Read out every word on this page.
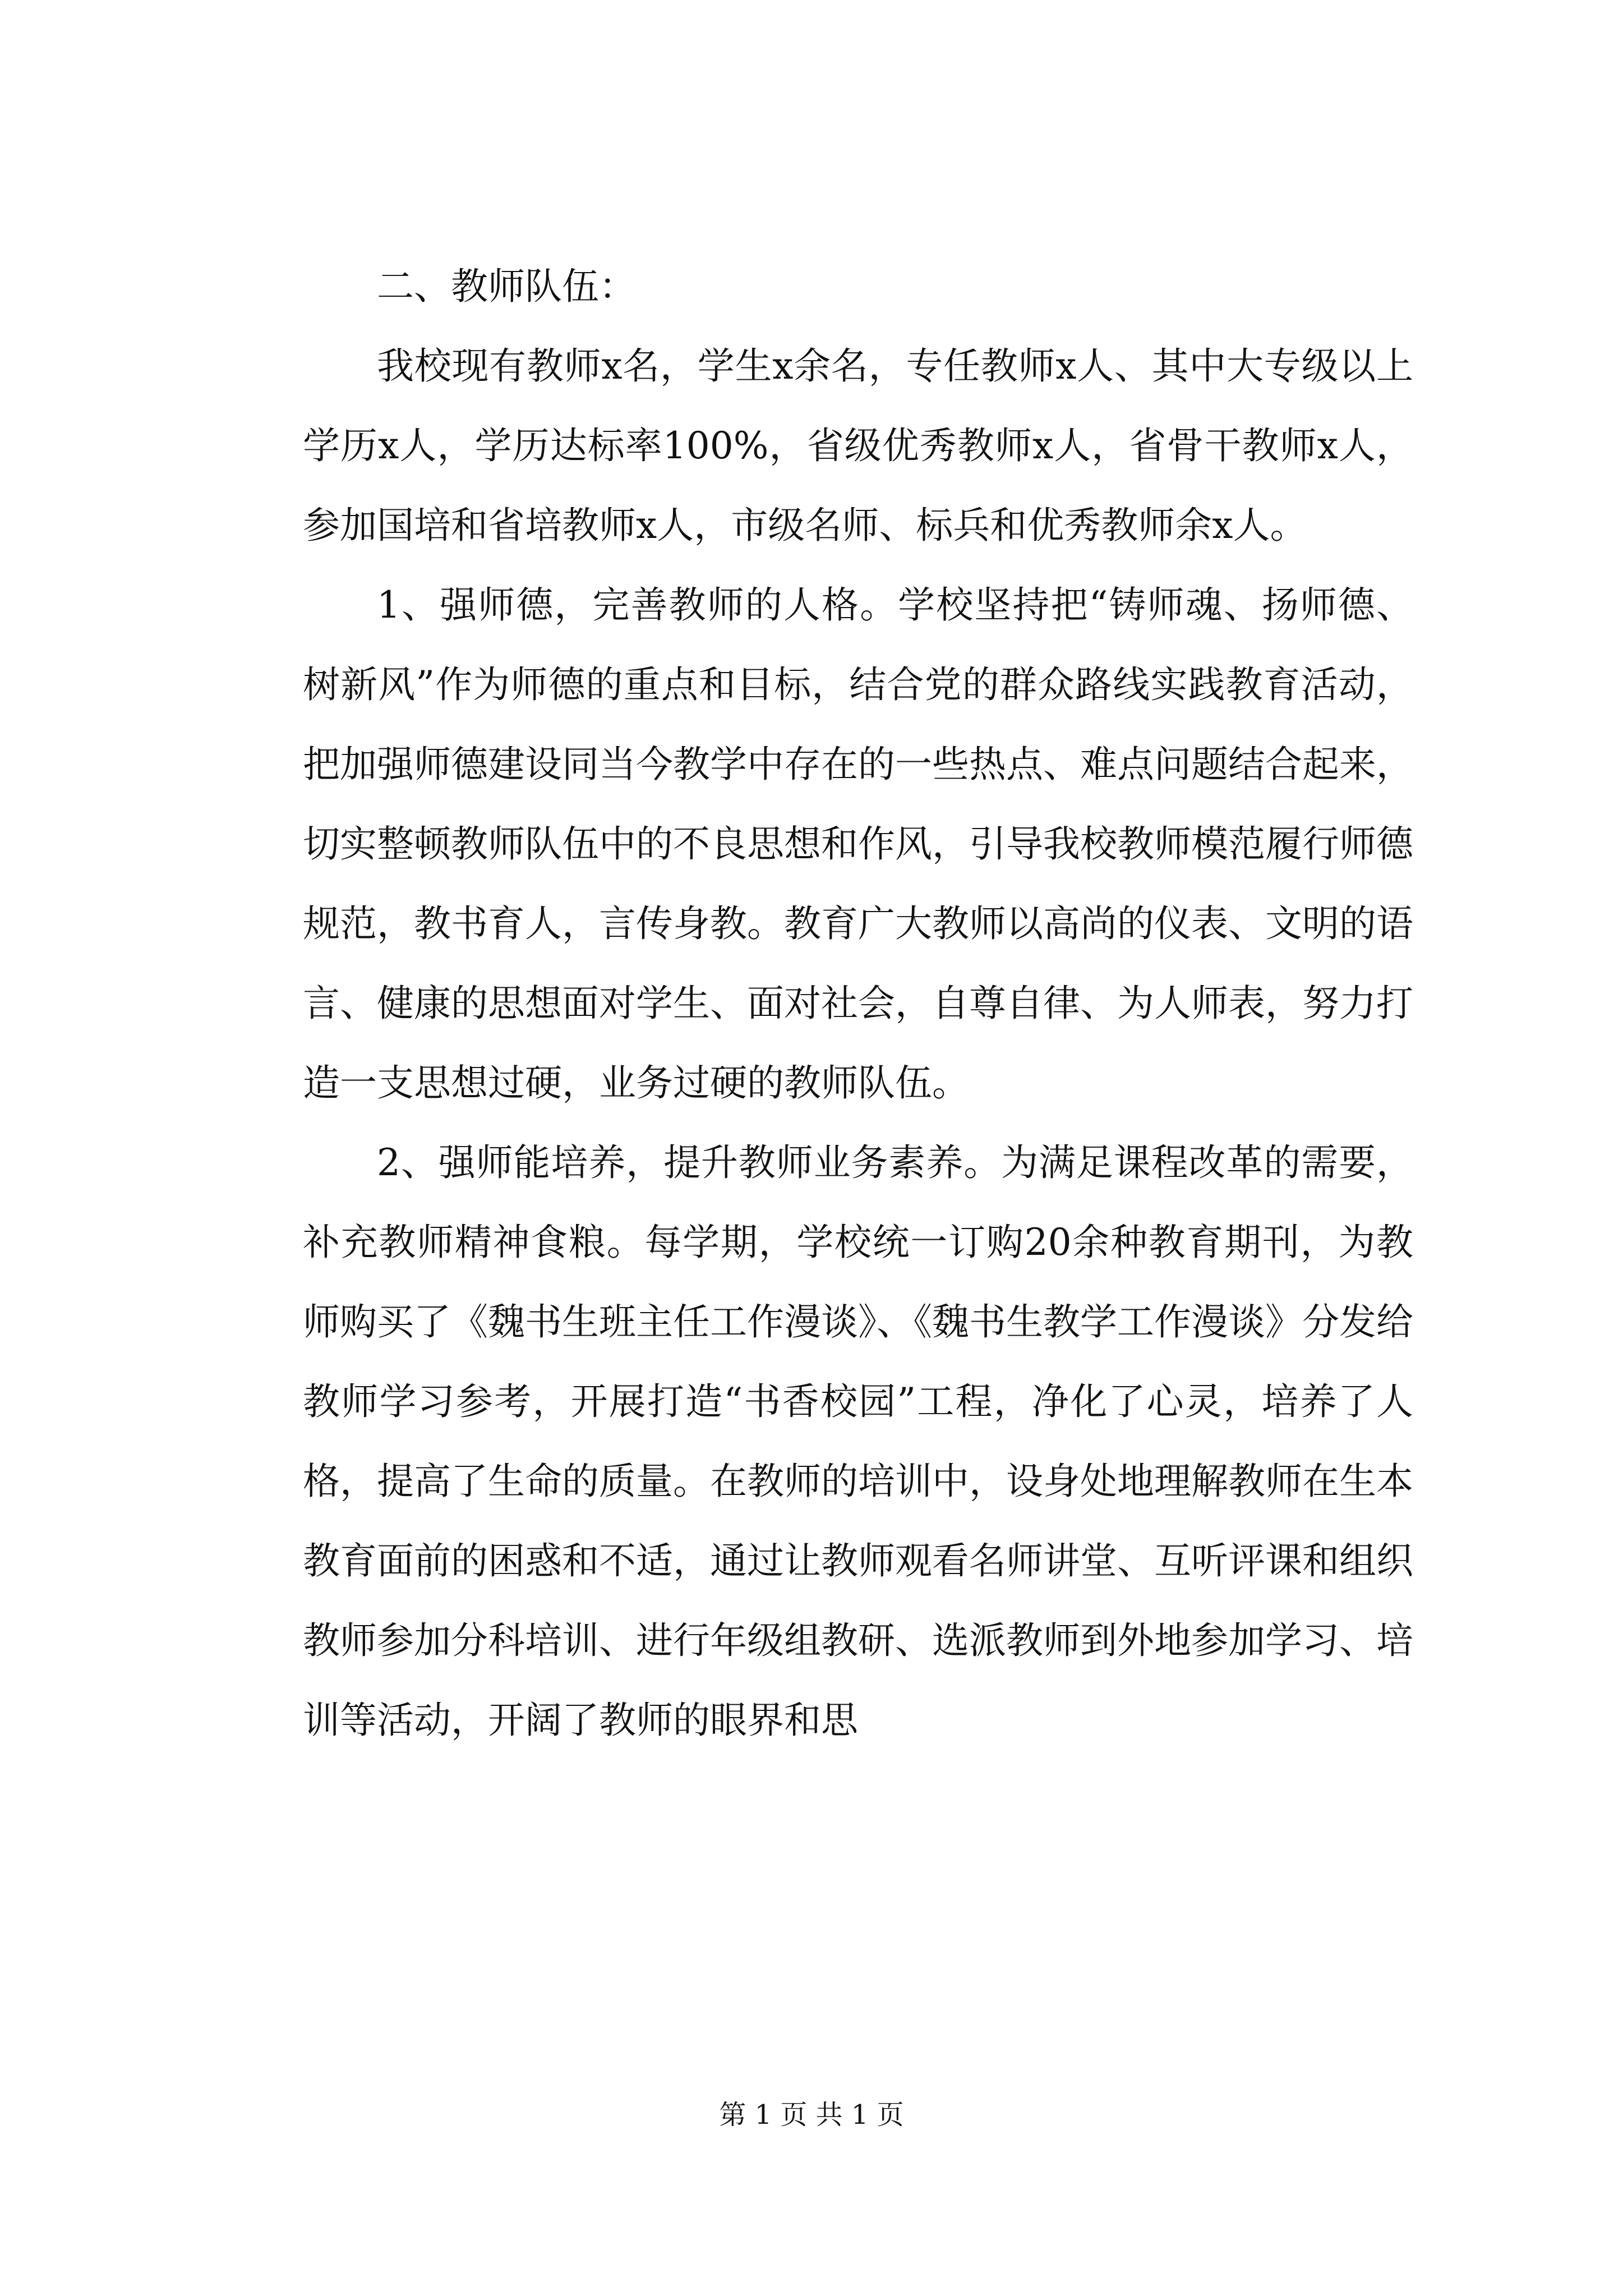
二、教师队伍：

我校现有教师x名，学生x余名，专任教师x人、其中大专级以上学历x人，学历达标率100%，省级优秀教师x人，省骨干教师x人，参加国培和省培教师x人，市级名师、标兵和优秀教师余x人。

1、强师德，完善教师的人格。学校坚持把“铸师魂、扬师德、树新风”作为师德的重点和目标，结合党的群众路线实践教育活动，把加强师德建设同当今教学中存在的一些热点、难点问题结合起来，切实整顿教师队伍中的不良思想和作风，引导我校教师模范履行师德规范，教书育人，言传身教。教育广大教师以高尚的仪表、文明的语言、健康的思想面对学生、面对社会，自尊自律、为人师表，努力打造一支思想过硬，业务过硬的教师队伍。

2、强师能培养，提升教师业务素养。为满足课程改革的需要，补充教师精神食粮。每学期，学校统一订购20余种教育期刊，为教师购买了《魏书生班主任工作漫谈》、《魏书生教学工作漫谈》分发给教师学习参考，开展打造“书香校园”工程，净化了心灵，培养了人格，提高了生命的质量。在教师的培训中，设身处地理解教师在生本教育面前的困惑和不适，通过让教师观看名师讲堂、互听评课和组织教师参加分科培训、进行年级组教研、选派教师到外地参加学习、培训等活动，开阔了教师的眼界和思

第 1 页 共 1 页
